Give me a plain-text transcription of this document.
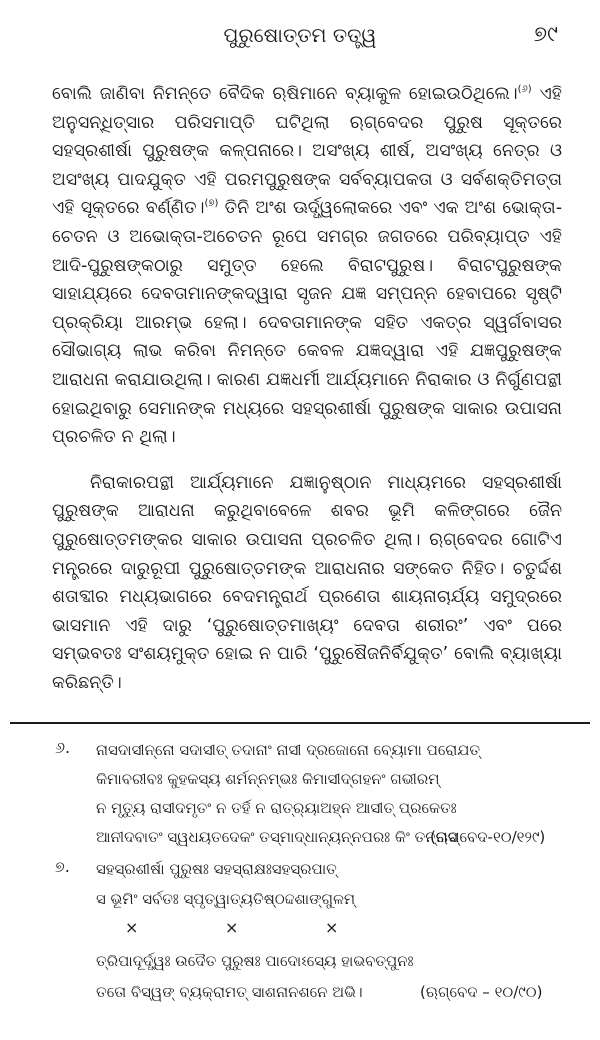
ପୁରୁଷୋତ୍ତମ ତତ୍ତ୍ୱ	୭୯

ବୋଲି ଜାଣିବା ନିମନ୍ତେ ବୈଦିକ ଋଷିମାନେ ବ୍ୟାକୁଳ ହୋଇଉଠିଥିଲେ।$^{(୬)}$ ଏହି ଅନୁସନ୍ଧିତ୍ସାର ପରିସମାପ୍ତି ଘଟିଥିଲା ଋଗ୍‌ବେଦର ପୁରୁଷ ସୂକ୍ତରେ ସହସ୍ରଶୀର୍ଷା ପୁରୁଷଙ୍କ କଳ୍ପନାରେ। ଅସଂଖ୍ୟ ଶୀର୍ଷ, ଅସଂଖ୍ୟ ନେତ୍ର ଓ ଅସଂଖ୍ୟ ପାଦଯୁକ୍ତ ଏହି ପରମପୁରୁଷଙ୍କ ସର୍ବବ୍ୟାପକତା ଓ ସର୍ବଶକ୍ତିମତ୍ତା ଏହି ସୂକ୍ତରେ ବର୍ଣ୍ଣିତ।$^{(୭)}$ ତିନି ଅଂଶ ଊର୍ଦ୍ଧ୍ୱଲୋକରେ ଏବଂ ଏକ ଅଂଶ ଭୋକ୍ତା-ଚେତନ ଓ ଅଭୋକ୍ତା-ଅଚେତନ ରୂପେ ସମଗ୍ର ଜଗତରେ ପରିବ୍ୟାପ୍ତ ଏହି ଆଦି-ପୁରୁଷଙ୍କଠାରୁ ସମୁତ୍ତ ହେଲେ ବିରାଟପୁରୁଷ। ବିରାଟପୁରୁଷଙ୍କ ସାହାଯ୍ୟରେ ଦେବତାମାନଙ୍କଦ୍ୱାରା ସୃଜନ ଯଜ୍ଞ ସମ୍ପନ୍ନ ହେବାପରେ ସୃଷ୍ଟି ପ୍ରକ୍ରିୟା ଆରମ୍ଭ ହେଲା। ଦେବତାମାନଙ୍କ ସହିତ ଏକତ୍ର ସ୍ୱର୍ଗବାସର ସୌଭାଗ୍ୟ ଲାଭ କରିବା ନିମନ୍ତେ କେବଳ ଯଜ୍ଞଦ୍ୱାରା ଏହି ଯଜ୍ଞପୁରୁଷଙ୍କ ଆରାଧନା କରାଯାଉଥିଲା। କାରଣ ଯଜ୍ଞଧର୍ମୀ ଆର୍ଯ୍ୟମାନେ ନିରାକାର ଓ ନିର୍ଗୁଣପନ୍ଥୀ ହୋଇଥିବାରୁ ସେମାନଙ୍କ ମଧ୍ୟରେ ସହସ୍ରଶୀର୍ଷା ପୁରୁଷଙ୍କ ସାକାର ଉପାସନା ପ୍ରଚଳିତ ନ ଥିଲା।

ନିରାକାରପନ୍ଥୀ ଆର୍ଯ୍ୟମାନେ ଯଜ୍ଞାନୁଷ୍ଠାନ ମାଧ୍ୟମରେ ସହସ୍ରଶୀର୍ଷା ପୁରୁଷଙ୍କ ଆରାଧନା କରୁଥିବାବେଳେ ଶବର ଭୂମି କଳିଙ୍ଗରେ ଜୈନ ପୁରୁଷୋତ୍ତମଙ୍କର ସାକାର ଉପାସନା ପ୍ରଚଳିତ ଥିଲା। ଋଗ୍‌ବେଦର ଗୋଟିଏ ମନ୍ତ୍ରରେ ଦାରୁରୂପୀ ପୁରୁଷୋତ୍ତମଙ୍କ ଆରାଧନାର ସଙ୍କେତ ନିହିତ। ଚତୁର୍ଦ୍ଦଶ ଶତାବ୍ଦୀର ମଧ୍ୟଭାଗରେ ବେଦମନ୍ତ୍ରାର୍ଥ ପ୍ରଣେତା ଶାୟନାଚାର୍ଯ୍ୟ ସମୁଦ୍ରରେ ଭାସମାନ ଏହି ଦାରୁ ‘ପୁରୁଷୋତ୍ତମାଖ୍ୟଂ ଦେବତା ଶରୀରଂ’ ଏବଂ ପରେ ସମ୍ଭବତଃ ସଂଶୟମୁକ୍ତ ହୋଇ ନ ପାରି ‘ପୁରୁଷୈଜନିର୍ବିଯୁକ୍ତ’ ବୋଲି ବ୍ୟାଖ୍ୟା କରିଛନ୍ତି।

୬. ନାସଦାସୀନ୍ନୋ ସଦାସୀତ୍ ତଦାନାଂ ନାସୀ ଦ୍ରଜୋନୋ ବ୍ୟୋମା ପରୋଯତ୍
କିମାବରୀବଃ କୁହକସ୍ୟ ଶର୍ମନ୍ନମ୍ଭଃ କିମାସୀଦ୍‌ଗହନଂ ଗଭୀରମ୍
ନ ମୃତ୍ୟୁ ରାସୀଦମୃତଂ ନ ତର୍ହି ନ ରାତ୍ର୍ୟାଅହ୍ନ ଆସୀତ୍ ପ୍ରକେତଃ
ଆନୀଦବାତଂ ସ୍ୱଧୟତଦେକଂ ତସ୍ମାଦ୍ଧାନ୍ୟନ୍ନପରଃ କିଂ ତନ୍ନାସ
(ଋଗ୍‌ବେଦ-୧୦/୧୨୯)
୭. ସହସ୍ରଶୀର୍ଷା ପୁରୁଷଃ ସହସ୍ରାକ୍ଷଃସହସ୍ରପାତ୍
ସ ଭୂମିଂ ସର୍ବତଃ ସ୍ପୃତ୍ୱାତ୍ୟତିଷ୍ଠଦ୍ଦଶାଙ୍ଗୁଳମ୍
×	×	×
ତ୍ରିପାଦୂର୍ଦ୍ଧ୍ୱଃ ଉଦୈତ ପୁରୁଷଃ ପାଦୋଽସ୍ୟେ ହାଭବତ୍ପୁନଃ
ତତୋ ବିସ୍ୱଙ୍ ବ୍ୟକ୍ରାମତ୍ ସାଶନାନଶନେ ଅଭି।	(ଋଗ୍‌ବେଦ – ୧୦/୯୦)
